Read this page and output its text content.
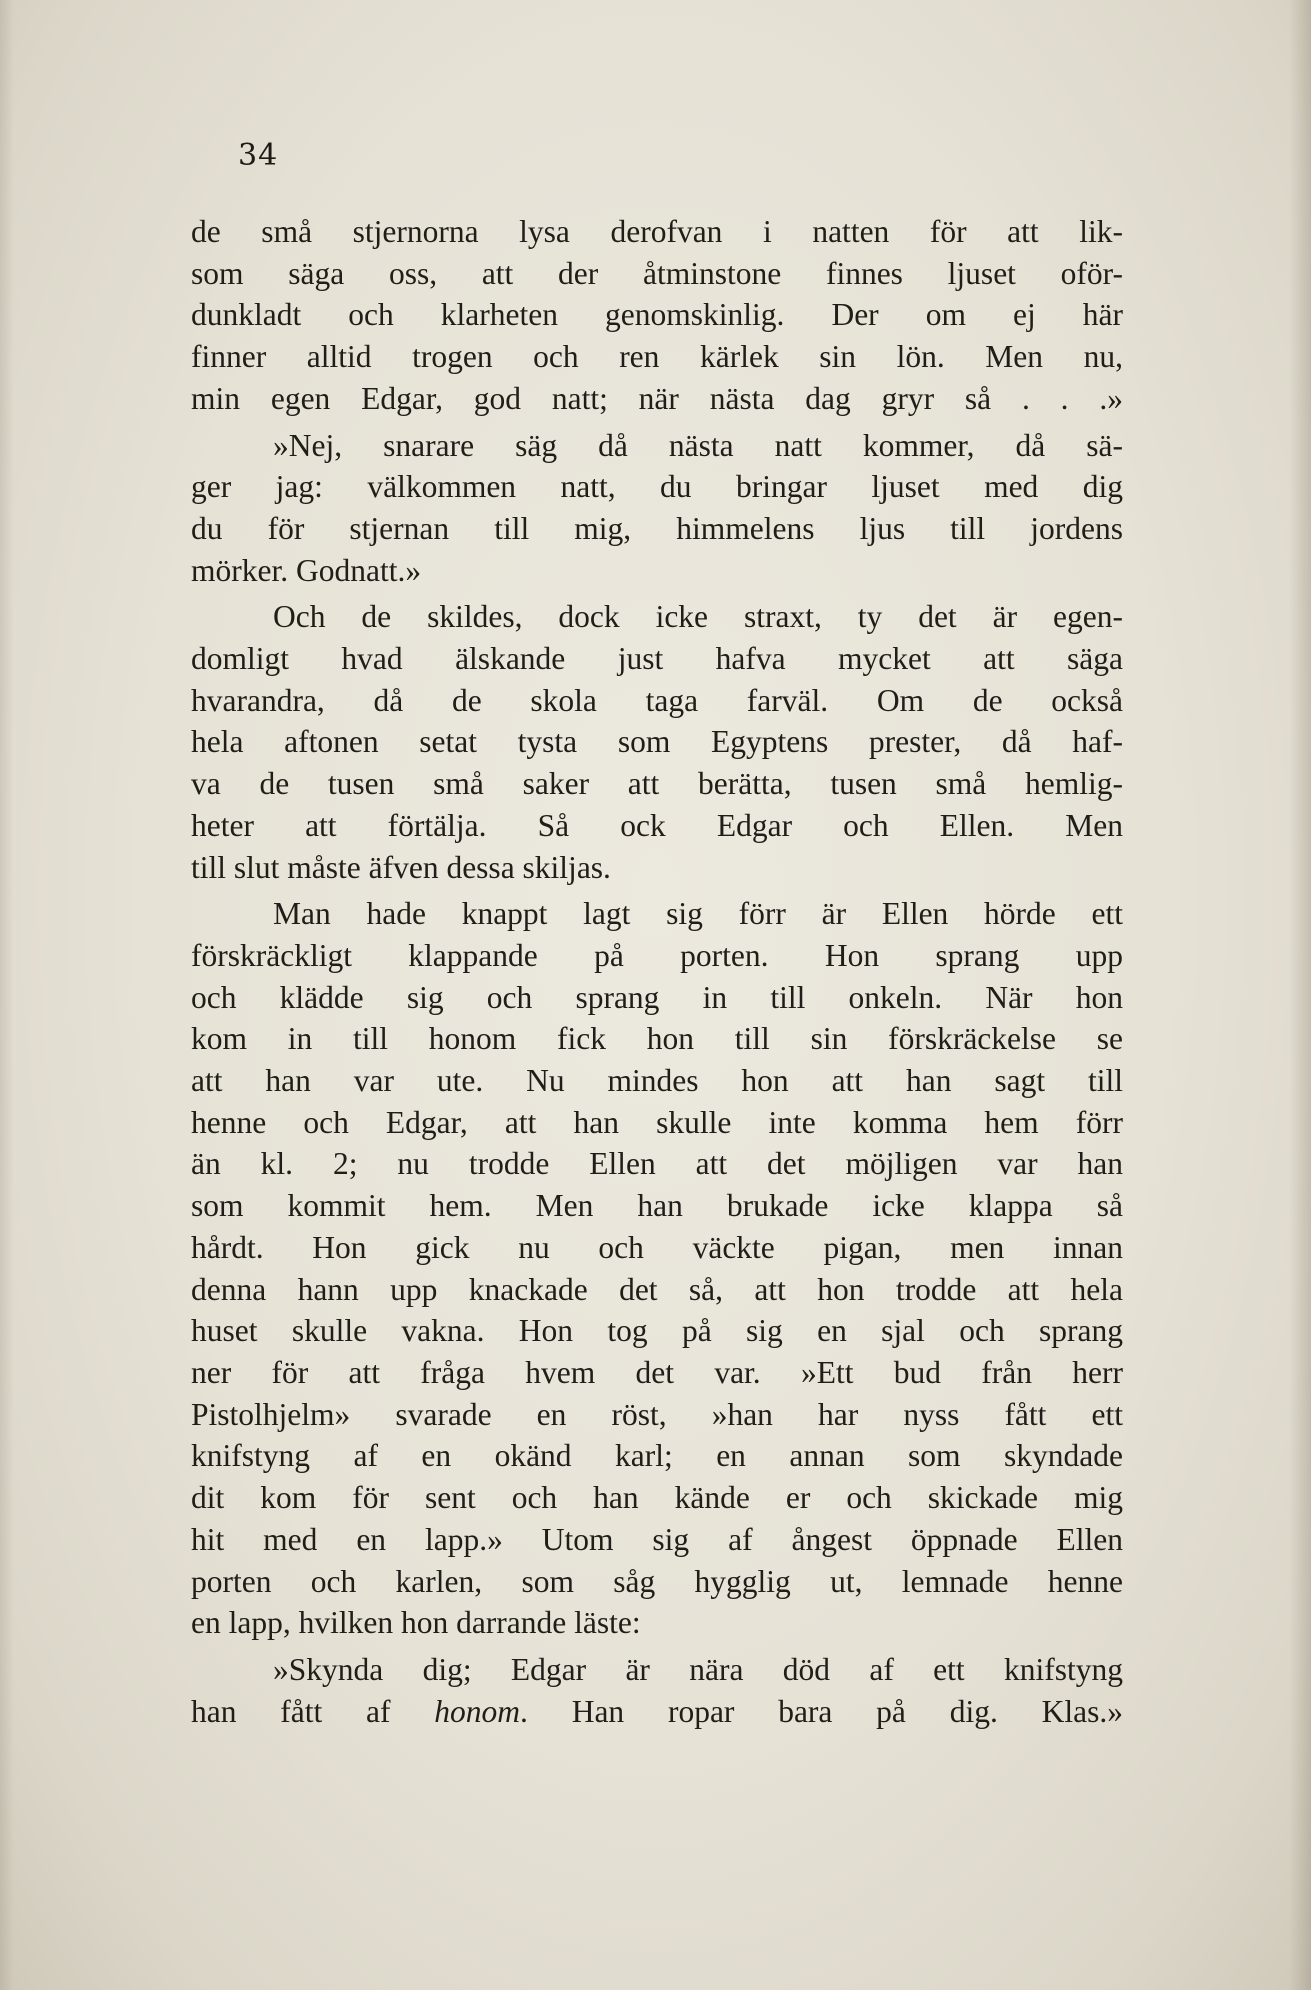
34
de små stjernorna lysa derofvan i natten för att lik-
som säga oss, att der åtminstone finnes ljuset oför-
dunkladt och klarheten genomskinlig. Der om ej här
finner alltid trogen och ren kärlek sin lön. Men nu,
min egen Edgar, god natt; när nästa dag gryr så . . .»
»Nej, snarare säg då nästa natt kommer, då sä-
ger jag: välkommen natt, du bringar ljuset med dig
du för stjernan till mig, himmelens ljus till jordens
mörker. Godnatt.»
Och de skildes, dock icke straxt, ty det är egen-
domligt hvad älskande just hafva mycket att säga
hvarandra, då de skola taga farväl. Om de också
hela aftonen setat tysta som Egyptens prester, då haf-
va de tusen små saker att berätta, tusen små hemlig-
heter att förtälja. Så ock Edgar och Ellen. Men
till slut måste äfven dessa skiljas.
Man hade knappt lagt sig förr är Ellen hörde ett
förskräckligt klappande på porten. Hon sprang upp
och klädde sig och sprang in till onkeln. När hon
kom in till honom fick hon till sin förskräckelse se
att han var ute. Nu mindes hon att han sagt till
henne och Edgar, att han skulle inte komma hem förr
än kl. 2; nu trodde Ellen att det möjligen var han
som kommit hem. Men han brukade icke klappa så
hårdt. Hon gick nu och väckte pigan, men innan
denna hann upp knackade det så, att hon trodde att hela
huset skulle vakna. Hon tog på sig en sjal och sprang
ner för att fråga hvem det var. »Ett bud från herr
Pistolhjelm» svarade en röst, »han har nyss fått ett
knifstyng af en okänd karl; en annan som skyndade
dit kom för sent och han kände er och skickade mig
hit med en lapp.» Utom sig af ångest öppnade Ellen
porten och karlen, som såg hygglig ut, lemnade henne
en lapp, hvilken hon darrande läste:
»Skynda dig; Edgar är nära död af ett knifstyng
han fått af honom. Han ropar bara på dig. Klas.»
